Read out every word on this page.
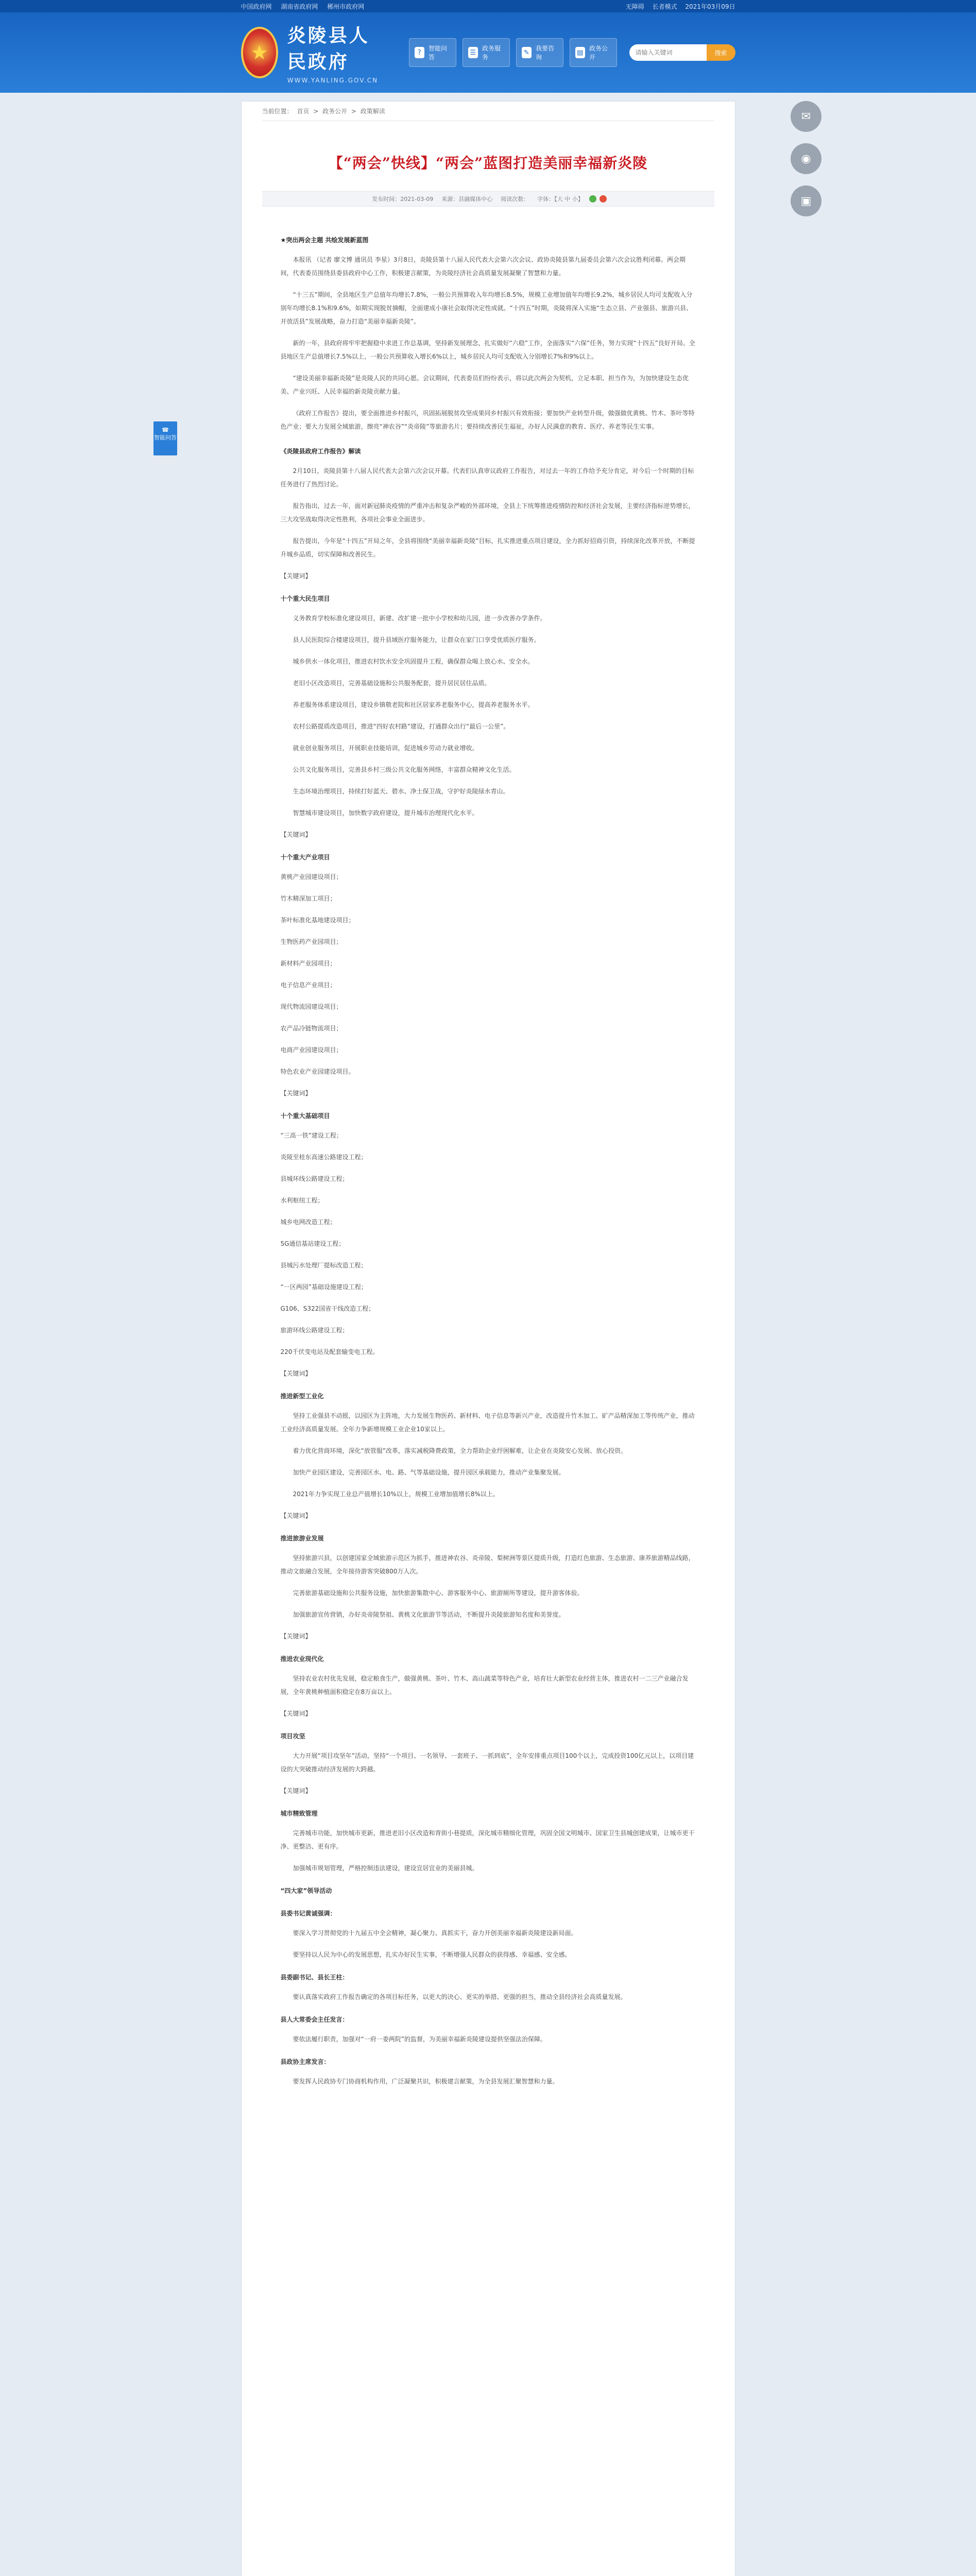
中国政府网 湖南省政府网 郴州市政府网	无障碍 长者模式 2021年03月09日
★
炎陵县人民政府
WWW.YANLING.GOV.CN
?
智能问答
☰
政务服务
✎
我要咨询
▤
政务公开
请输入关键词
搜索
当前位置： 首页 > 政务公开 > 政策解读
【“两会”快线】“两会”蓝图打造美丽幸福新炎陵
发布时间：2021-03-09 来源：县融媒体中心 阅读次数： 字体：【大 中 小】

★突出两会主题 共绘发展新蓝图

本报讯 （记者 廖文博 通讯员 李星）3月8日，炎陵县第十八届人民代表大会第六次会议、政协炎陵县第九届委员会第六次会议胜利闭幕。两会期间，代表委员围绕县委县政府中心工作，积极建言献策，为炎陵经济社会高质量发展凝聚了智慧和力量。

“十三五”期间，全县地区生产总值年均增长7.8%，一般公共预算收入年均增长8.5%，规模工业增加值年均增长9.2%，城乡居民人均可支配收入分别年均增长8.1%和9.6%，如期实现脱贫摘帽，全面建成小康社会取得决定性成就。“十四五”时期，炎陵将深入实施“生态立县、产业强县、旅游兴县、开放活县”发展战略，奋力打造“美丽幸福新炎陵”。

新的一年，县政府将牢牢把握稳中求进工作总基调，坚持新发展理念，扎实做好“六稳”工作，全面落实“六保”任务，努力实现“十四五”良好开局。全县地区生产总值增长7.5%以上，一般公共预算收入增长6%以上，城乡居民人均可支配收入分别增长7%和9%以上。

“建设美丽幸福新炎陵”是炎陵人民的共同心愿。会议期间，代表委员们纷纷表示，将以此次两会为契机，立足本职、担当作为，为加快建设生态优美、产业兴旺、人民幸福的新炎陵贡献力量。

《政府工作报告》提出，要全面推进乡村振兴，巩固拓展脱贫攻坚成果同乡村振兴有效衔接；要加快产业转型升级，做强做优黄桃、竹木、茶叶等特色产业；要大力发展全域旅游，擦亮“神农谷”“炎帝陵”等旅游名片；要持续改善民生福祉，办好人民满意的教育、医疗、养老等民生实事。

《炎陵县政府工作报告》解读

2月10日，炎陵县第十八届人民代表大会第六次会议开幕。代表们认真审议政府工作报告，对过去一年的工作给予充分肯定，对今后一个时期的目标任务进行了热烈讨论。

报告指出，过去一年，面对新冠肺炎疫情的严重冲击和复杂严峻的外部环境，全县上下统筹推进疫情防控和经济社会发展，主要经济指标逆势增长，三大攻坚战取得决定性胜利，各项社会事业全面进步。

报告提出，今年是“十四五”开局之年，全县将围绕“美丽幸福新炎陵”目标，扎实推进重点项目建设，全力抓好招商引资，持续深化改革开放，不断提升城乡品质，切实保障和改善民生。

【关键词】

十个重大民生项目

义务教育学校标准化建设项目，新建、改扩建一批中小学校和幼儿园，进一步改善办学条件。

县人民医院综合楼建设项目，提升县域医疗服务能力，让群众在家门口享受优质医疗服务。

城乡供水一体化项目，推进农村饮水安全巩固提升工程，确保群众喝上放心水、安全水。

老旧小区改造项目，完善基础设施和公共服务配套，提升居民居住品质。

养老服务体系建设项目，建设乡镇敬老院和社区居家养老服务中心，提高养老服务水平。

农村公路提质改造项目，推进“四好农村路”建设，打通群众出行“最后一公里”。

就业创业服务项目，开展职业技能培训，促进城乡劳动力就业增收。

公共文化服务项目，完善县乡村三级公共文化服务网络，丰富群众精神文化生活。

生态环境治理项目，持续打好蓝天、碧水、净土保卫战，守护好炎陵绿水青山。

智慧城市建设项目，加快数字政府建设，提升城市治理现代化水平。

【关键词】

十个重大产业项目

黄桃产业园建设项目；

竹木精深加工项目；

茶叶标准化基地建设项目；

生物医药产业园项目；

新材料产业园项目；

电子信息产业项目；

现代物流园建设项目；

农产品冷链物流项目；

电商产业园建设项目；

特色农业产业园建设项目。

【关键词】

十个重大基础项目

“三高一铁”建设工程；

炎陵至桂东高速公路建设工程；

县城环线公路建设工程；

水利枢纽工程；

城乡电网改造工程；

5G通信基站建设工程；

县城污水处理厂提标改造工程；

“一区两园”基础设施建设工程；

G106、S322国省干线改造工程；

旅游环线公路建设工程；

220千伏变电站及配套输变电工程。

【关键词】

推进新型工业化

坚持工业强县不动摇，以园区为主阵地，大力发展生物医药、新材料、电子信息等新兴产业，改造提升竹木加工、矿产品精深加工等传统产业，推动工业经济高质量发展。全年力争新增规模工业企业10家以上。

着力优化营商环境，深化“放管服”改革，落实减税降费政策，全力帮助企业纾困解难，让企业在炎陵安心发展、放心投资。

加快产业园区建设，完善园区水、电、路、气等基础设施，提升园区承载能力，推动产业集聚发展。

2021年力争实现工业总产值增长10%以上，规模工业增加值增长8%以上。

【关键词】

推进旅游业发展

坚持旅游兴县，以创建国家全域旅游示范区为抓手，推进神农谷、炎帝陵、梨树洲等景区提质升级，打造红色旅游、生态旅游、康养旅游精品线路，推动文旅融合发展，全年接待游客突破800万人次。

完善旅游基础设施和公共服务设施，加快旅游集散中心、游客服务中心、旅游厕所等建设，提升游客体验。

加强旅游宣传营销，办好炎帝陵祭祖、黄桃文化旅游节等活动，不断提升炎陵旅游知名度和美誉度。

【关键词】

推进农业现代化

坚持农业农村优先发展，稳定粮食生产，做强黄桃、茶叶、竹木、高山蔬菜等特色产业，培育壮大新型农业经营主体，推进农村一二三产业融合发展，全年黄桃种植面积稳定在8万亩以上。

【关键词】

项目攻坚

大力开展“项目攻坚年”活动，坚持“一个项目、一名领导、一套班子、一抓到底”，全年安排重点项目100个以上，完成投资100亿元以上，以项目建设的大突破推动经济发展的大跨越。

【关键词】

城市精致管理

完善城市功能，加快城市更新，推进老旧小区改造和背街小巷提质，深化城市精细化管理，巩固全国文明城市、国家卫生县城创建成果，让城市更干净、更整洁、更有序。

加强城市规划管理，严格控制违法建设，建设宜居宜业的美丽县城。

“四大家”领导活动

县委书记黄诚强调：

要深入学习贯彻党的十九届五中全会精神，凝心聚力、真抓实干，奋力开创美丽幸福新炎陵建设新局面。

要坚持以人民为中心的发展思想，扎实办好民生实事，不断增强人民群众的获得感、幸福感、安全感。

县委副书记、县长王柱：

要认真落实政府工作报告确定的各项目标任务，以更大的决心、更实的举措、更强的担当，推动全县经济社会高质量发展。

县人大常委会主任发言：

要依法履行职责，加强对“一府一委两院”的监督，为美丽幸福新炎陵建设提供坚强法治保障。

县政协主席发言：

要发挥人民政协专门协商机构作用，广泛凝聚共识，积极建言献策，为全县发展汇聚智慧和力量。

✉
◉
▣
☎
智能问答
